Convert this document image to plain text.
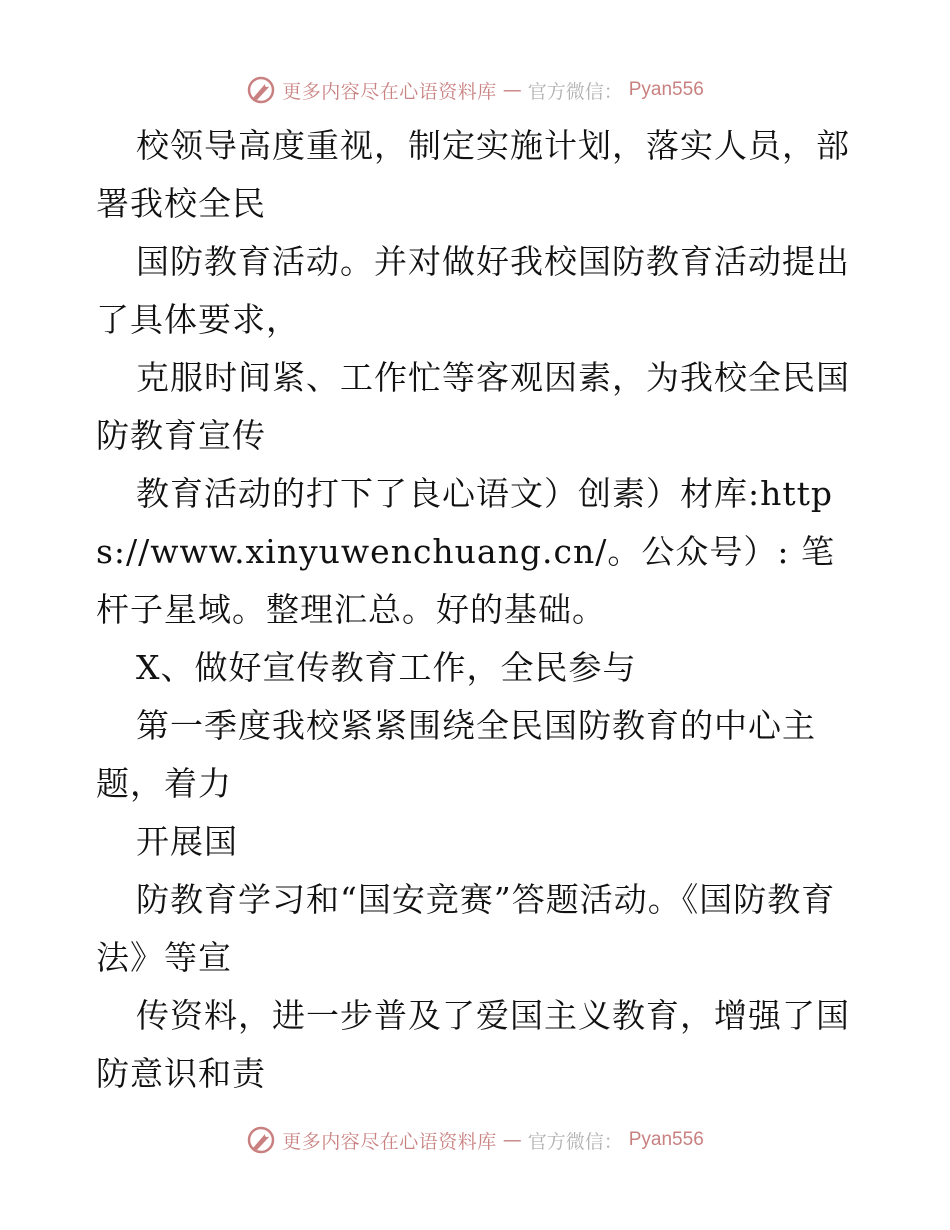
更多内容尽在心语资料库 — 官方微信： Pyan556

校领导高度重视，制定实施计划，落实人员，部署我校全民

国防教育活动。并对做好我校国防教育活动提出了具体要求，

克服时间紧、工作忙等客观因素，为我校全民国防教育宣传

教育活动的打下了良心语文）创素）材库:https://www.xinyuwenchuang.cn/。公众号）: 笔杆子星域。整理汇总。好的基础。

X、做好宣传教育工作，全民参与

第一季度我校紧紧围绕全民国防教育的中心主题，着力

开展国

防教育学习和“国安竞赛”答题活动。《国防教育法》等宣

传资料，进一步普及了爱国主义教育，增强了国防意识和责

更多内容尽在心语资料库 — 官方微信： Pyan556
